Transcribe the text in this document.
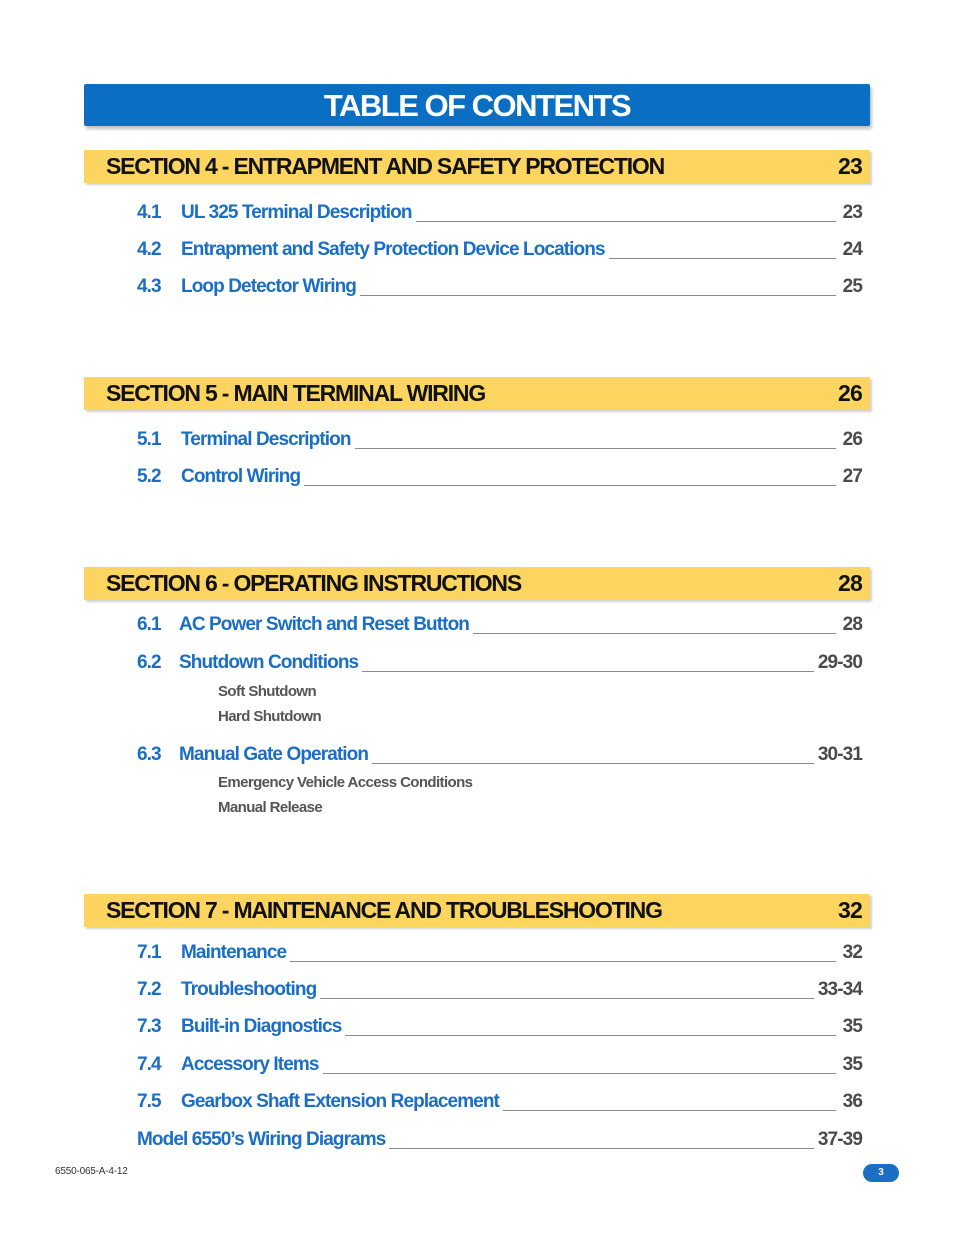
TABLE OF CONTENTS
SECTION 4 - ENTRAPMENT AND SAFETY PROTECTION	23
4.1	UL 325 Terminal Description	23
4.2	Entrapment and Safety Protection Device Locations	24
4.3	Loop Detector Wiring	25
SECTION 5 - MAIN TERMINAL WIRING	26
5.1	Terminal Description	26
5.2	Control Wiring	27
SECTION 6 - OPERATING INSTRUCTIONS	28
6.1 AC Power Switch and Reset Button	28
6.2 Shutdown Conditions	29-30
Soft Shutdown
Hard Shutdown
6.3 Manual Gate Operation	30-31
Emergency Vehicle Access Conditions
Manual Release
SECTION 7 - MAINTENANCE AND TROUBLESHOOTING	32
7.1	Maintenance	32
7.2	Troubleshooting	33-34
7.3	Built-in Diagnostics	35
7.4	Accessory Items	35
7.5	Gearbox Shaft Extension Replacement	36
Model 6550’s Wiring Diagrams	37-39
6550-065-A-4-12	3
